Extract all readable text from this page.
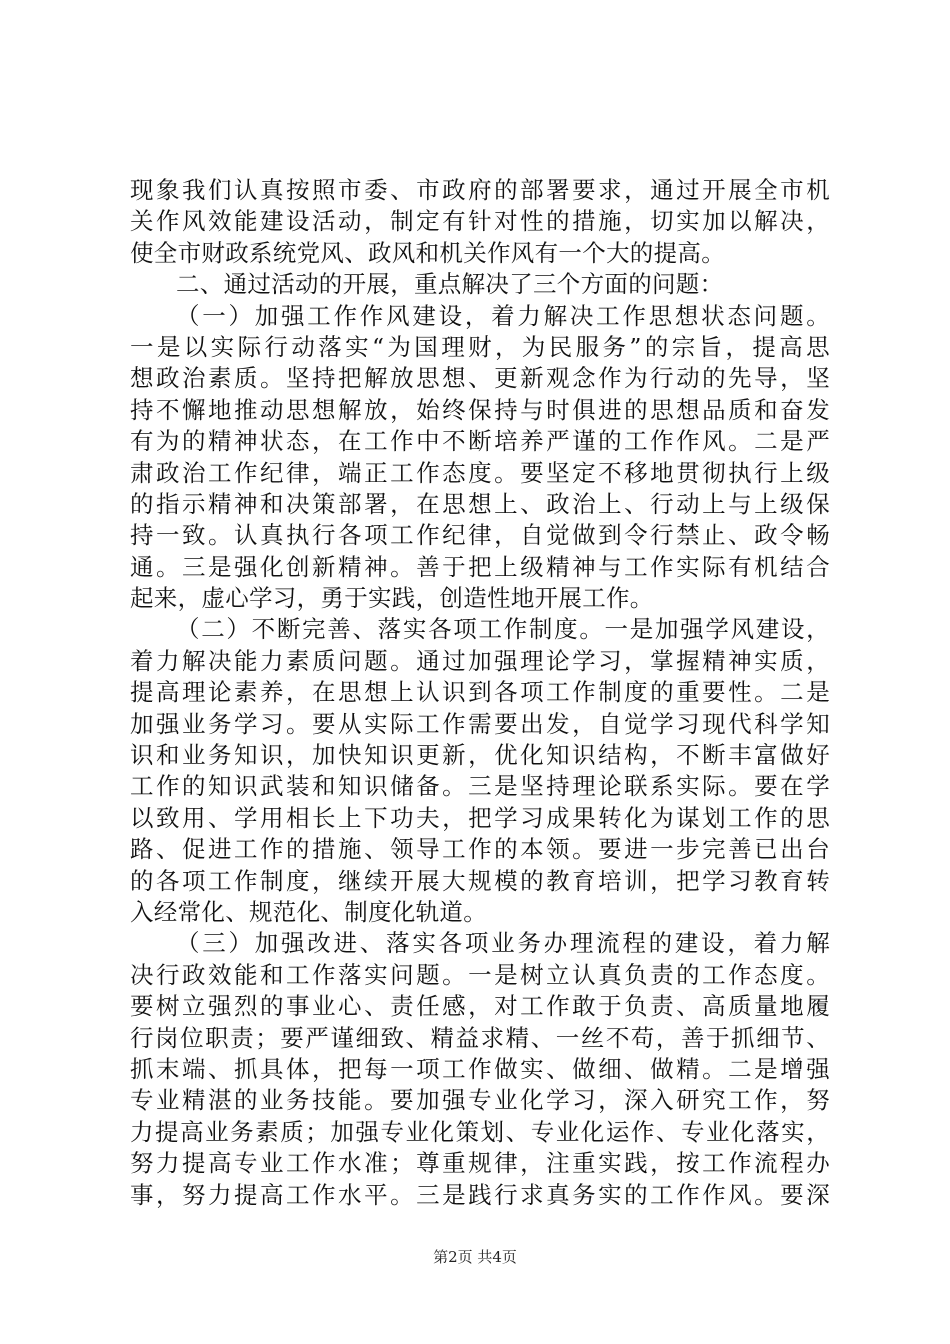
现象我们认真按照市委、市政府的部署要求，通过开展全市机
关作风效能建设活动，制定有针对性的措施，切实加以解决，
使全市财政系统党风、政风和机关作风有一个大的提高。
二、通过活动的开展，重点解决了三个方面的问题：
（一）加强工作作风建设，着力解决工作思想状态问题。
一是以实际行动落实“为国理财，为民服务”的宗旨，提高思
想政治素质。坚持把解放思想、更新观念作为行动的先导，坚
持不懈地推动思想解放，始终保持与时俱进的思想品质和奋发
有为的精神状态，在工作中不断培养严谨的工作作风。二是严
肃政治工作纪律，端正工作态度。要坚定不移地贯彻执行上级
的指示精神和决策部署，在思想上、政治上、行动上与上级保
持一致。认真执行各项工作纪律，自觉做到令行禁止、政令畅
通。三是强化创新精神。善于把上级精神与工作实际有机结合
起来，虚心学习，勇于实践，创造性地开展工作。
（二）不断完善、落实各项工作制度。一是加强学风建设，
着力解决能力素质问题。通过加强理论学习，掌握精神实质，
提高理论素养，在思想上认识到各项工作制度的重要性。二是
加强业务学习。要从实际工作需要出发，自觉学习现代科学知
识和业务知识，加快知识更新，优化知识结构，不断丰富做好
工作的知识武装和知识储备。三是坚持理论联系实际。要在学
以致用、学用相长上下功夫，把学习成果转化为谋划工作的思
路、促进工作的措施、领导工作的本领。要进一步完善已出台
的各项工作制度，继续开展大规模的教育培训，把学习教育转
入经常化、规范化、制度化轨道。
（三）加强改进、落实各项业务办理流程的建设，着力解
决行政效能和工作落实问题。一是树立认真负责的工作态度。
要树立强烈的事业心、责任感，对工作敢于负责、高质量地履
行岗位职责；要严谨细致、精益求精、一丝不苟，善于抓细节、
抓末端、抓具体，把每一项工作做实、做细、做精。二是增强
专业精湛的业务技能。要加强专业化学习，深入研究工作，努
力提高业务素质；加强专业化策划、专业化运作、专业化落实，
努力提高专业工作水准；尊重规律，注重实践，按工作流程办
事，努力提高工作水平。三是践行求真务实的工作作风。要深
第2页 共4页
